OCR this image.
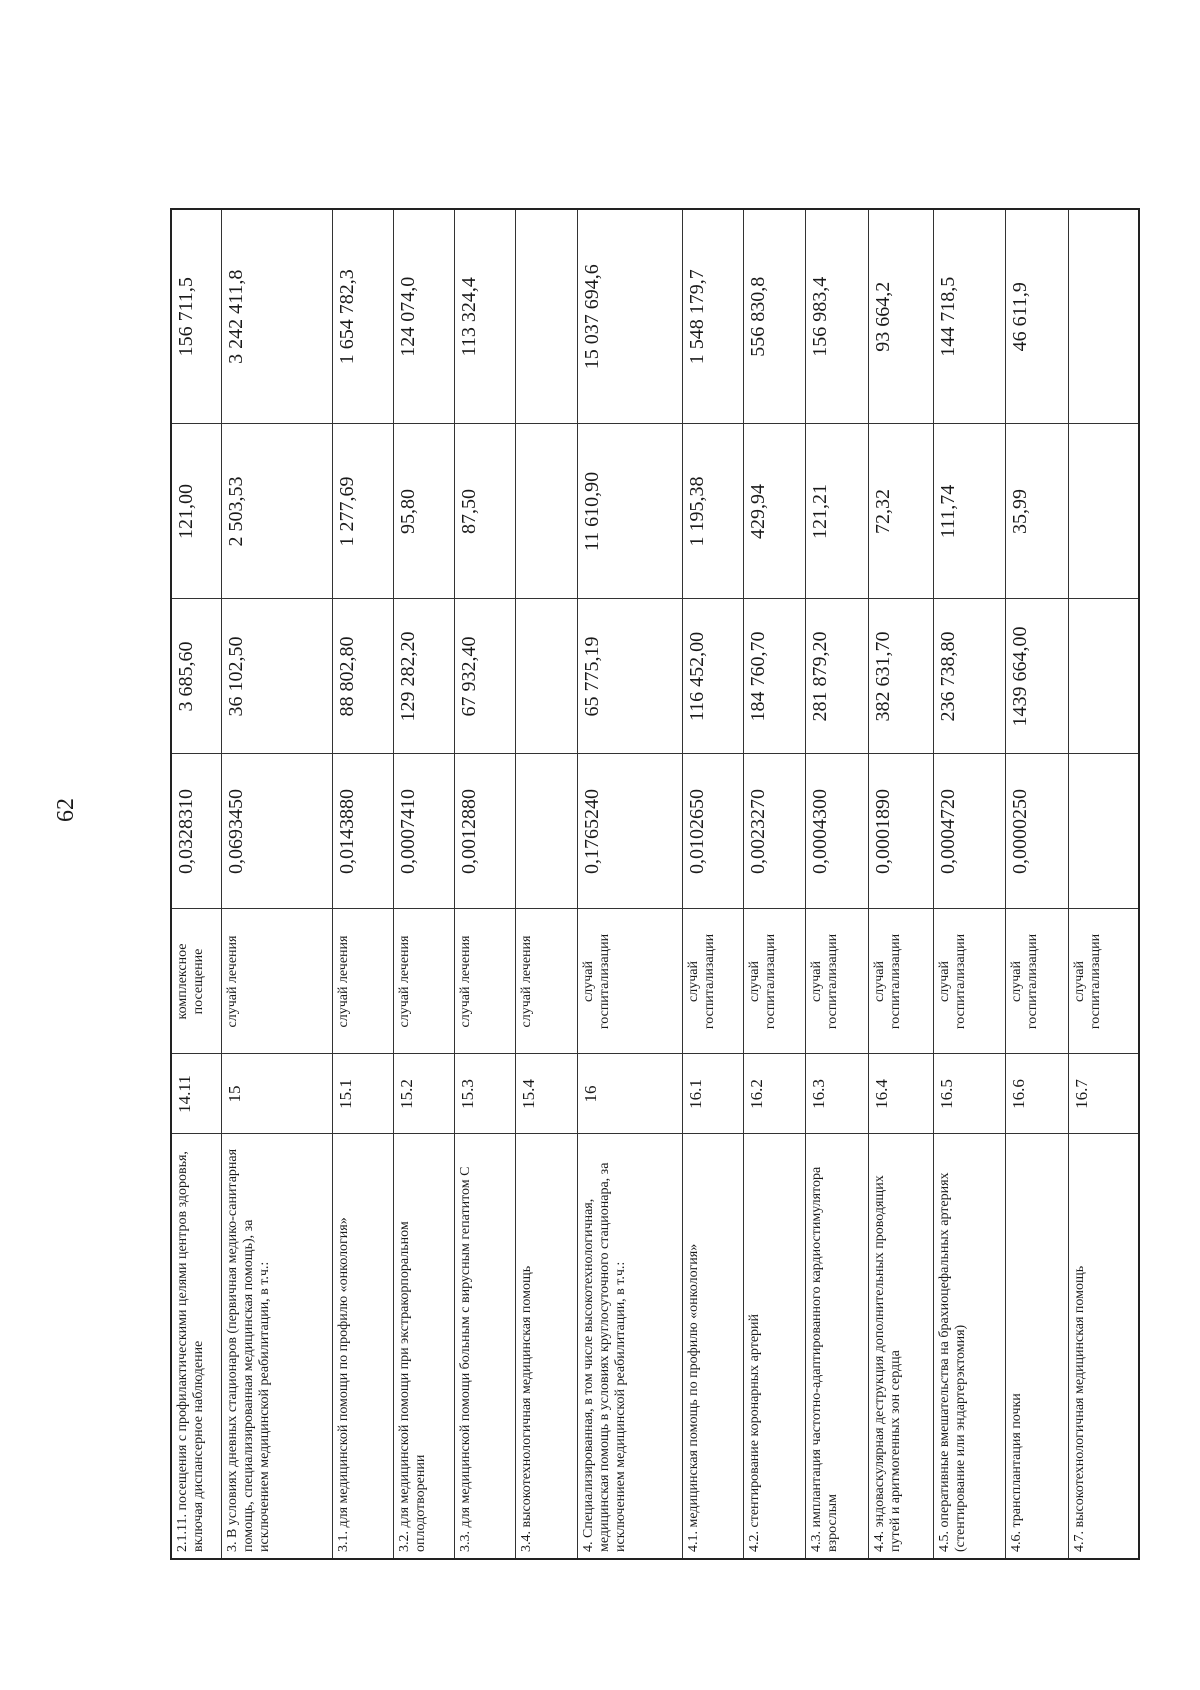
62
2.1.11. посещения с профилактическими целями центров здоровья, включая диспансерное наблюдение	14.11	комплексное посещение	0,0328310	3 685,60	121,00	156 711,5
3. В условиях дневных стационаров (первичная медико-санитарная помощь, специализированная медицинская помощь), за исключением медицинской реабилитации, в т.ч.:	15	случай лечения	0,0693450	36 102,50	2 503,53	3 242 411,8
3.1. для медицинской помощи по профилю «онкология»	15.1	случай лечения	0,0143880	88 802,80	1 277,69	1 654 782,3
3.2. для медицинской помощи при экстракорпоральном оплодотворении	15.2	случай лечения	0,0007410	129 282,20	95,80	124 074,0
3.3. для медицинской помощи больным с вирусным гепатитом С	15.3	случай лечения	0,0012880	67 932,40	87,50	113 324,4
3.4. высокотехнологичная медицинская помощь	15.4	случай лечения				
4. Специализированная, в том числе высокотехнологичная, медицинская помощь в условиях круглосуточного стационара, за исключением медицинской реабилитации, в т.ч.:	16	случай госпитализации	0,1765240	65 775,19	11 610,90	15 037 694,6
4.1. медицинская помощь по профилю «онкология»	16.1	случай госпитализации	0,0102650	116 452,00	1 195,38	1 548 179,7
4.2. стентирование коронарных артерий	16.2	случай госпитализации	0,0023270	184 760,70	429,94	556 830,8
4.3. имплантация частотно-адаптированного кардиостимулятора взрослым	16.3	случай госпитализации	0,0004300	281 879,20	121,21	156 983,4
4.4. эндоваскулярная деструкция дополнительных проводящих путей и аритмогенных зон сердца	16.4	случай госпитализации	0,0001890	382 631,70	72,32	93 664,2
4.5. оперативные вмешательства на брахиоцефальных артериях (стентирование или эндартерэктомия)	16.5	случай госпитализации	0,0004720	236 738,80	111,74	144 718,5
4.6. трансплантация почки	16.6	случай госпитализации	0,0000250	1439 664,00	35,99	46 611,9
4.7. высокотехнологичная медицинская помощь	16.7	случай госпитализации				
